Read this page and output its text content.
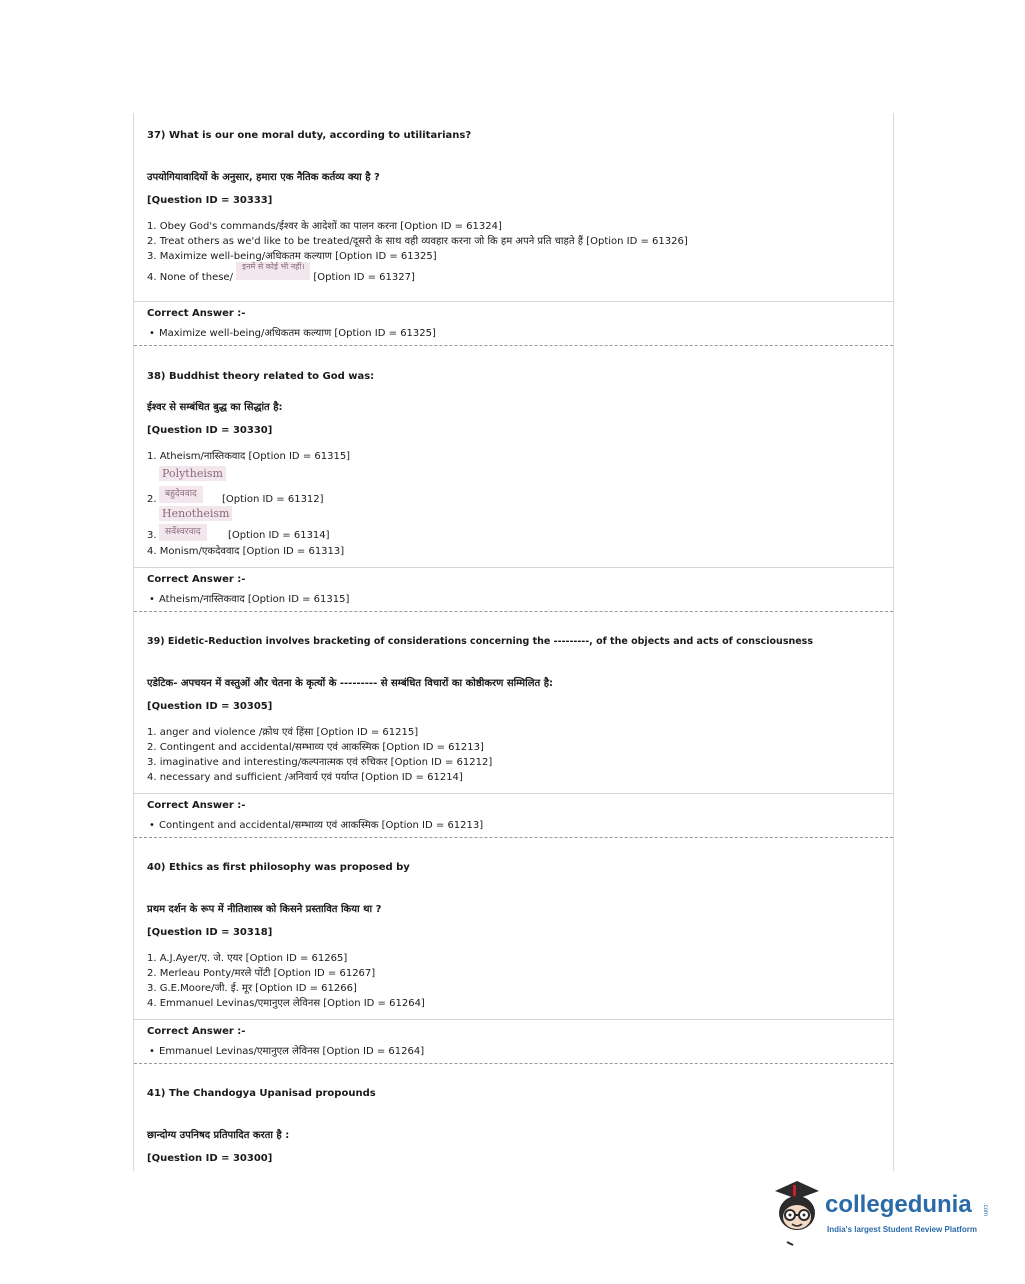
37) What is our one moral duty, according to utilitarians?

उपयोगियावादियों के अनुसार, हमारा एक नैतिक कर्तव्य क्या है ?

[Question ID = 30333]

1. Obey God's commands/ईश्वर के आदेशों का पालन करना [Option ID = 61324]
2. Treat others as we'd like to be treated/दूसरो के साथ वही व्यवहार करना जो कि हम अपने प्रति चाहते हैं [Option ID = 61326]
3. Maximize well-being/अधिकतम कल्याण [Option ID = 61325]
4. None of these/ इनमें से कोई भी नहीं। [Option ID = 61327]

Correct Answer :-

• Maximize well-being/अधिकतम कल्याण [Option ID = 61325]

38) Buddhist theory related to God was:

ईश्वर से सम्बंधित बुद्ध का सिद्धांत है:

[Question ID = 30330]

1. Atheism/नास्तिकवाद [Option ID = 61315]
2.
Polytheism
बहुदेववाद	[Option ID = 61312]
3.
Henotheism
सर्वेश्वरवाद	[Option ID = 61314]
4. Monism/एकदेववाद [Option ID = 61313]

Correct Answer :-

• Atheism/नास्तिकवाद [Option ID = 61315]

39) Eidetic-Reduction involves bracketing of considerations concerning the ---------, of the objects and acts of consciousness

एडेटिक- अपचयन में वस्तुओं और चेतना के कृत्यों के --------- से सम्बंधित विचारों का कोष्ठीकरण सम्मिलित है:

[Question ID = 30305]

1. anger and violence /क्रोध एवं हिंसा [Option ID = 61215]
2. Contingent and accidental/सम्भाव्य एवं आकस्मिक [Option ID = 61213]
3. imaginative and interesting/कल्पनात्मक एवं रुचिकर [Option ID = 61212]
4. necessary and sufficient /अनिवार्य एवं पर्याप्त [Option ID = 61214]

Correct Answer :-

• Contingent and accidental/सम्भाव्य एवं आकस्मिक [Option ID = 61213]

40) Ethics as first philosophy was proposed by

प्रथम दर्शन के रूप में नीतिशास्त्र को किसने प्रस्तावित किया था ?

[Question ID = 30318]

1. A.J.Ayer/ए. जे. एयर [Option ID = 61265]
2. Merleau Ponty/मरले पोंटी [Option ID = 61267]
3. G.E.Moore/जी. ई. मूर [Option ID = 61266]
4. Emmanuel Levinas/एमानुएल लेविनस [Option ID = 61264]

Correct Answer :-

• Emmanuel Levinas/एमानुएल लेविनस [Option ID = 61264]

41) The Chandogya Upanisad propounds

छान्दोग्य उपनिषद प्रतिपादित करता है :

[Question ID = 30300]

collegedunia .com
India's largest Student Review Platform
